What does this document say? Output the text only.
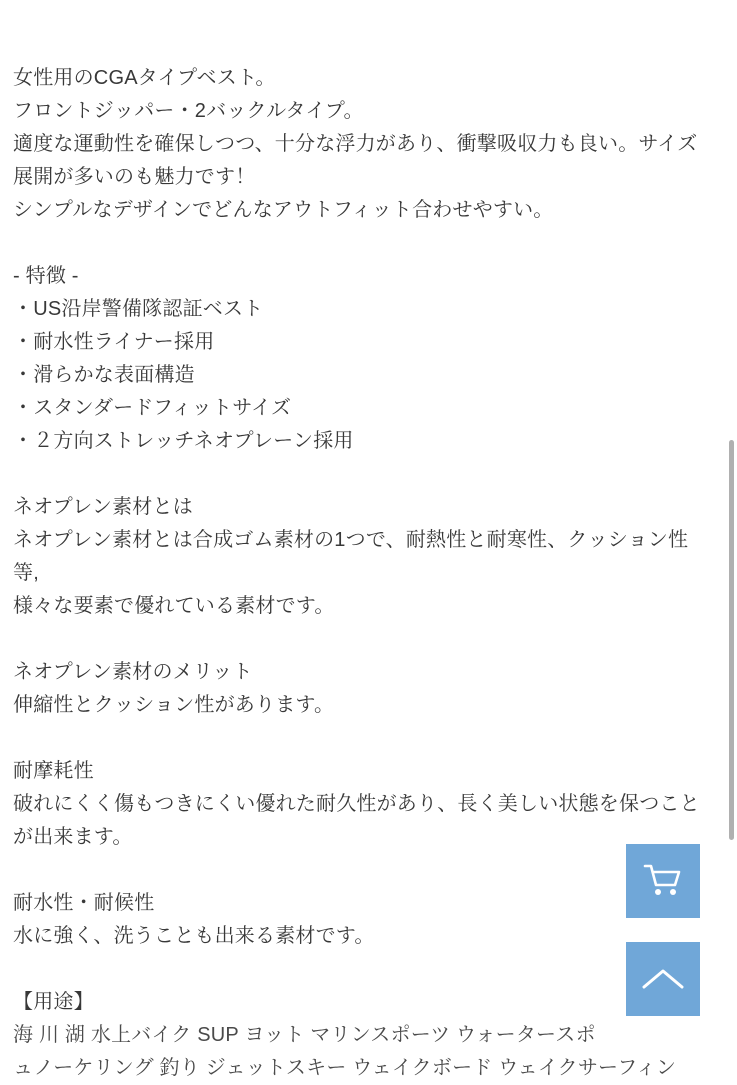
女性用のCGAタイプベスト。

フロントジッパー・2バックルタイプ。

適度な運動性を確保しつつ、十分な浮力があり、衝撃吸収力も良い。サイズ展開が多いのも魅力です！

シンプルなデザインでどんなアウトフィット合わせやすい。

- 特徴 -

・US沿岸警備隊認証ベスト

・耐水性ライナー採用

・滑らかな表面構造

・スタンダードフィットサイズ

・２方向ストレッチネオプレーン採用

ネオプレン素材とは

ネオプレン素材とは合成ゴム素材の1つで、耐熱性と耐寒性、クッション性等,

様々な要素で優れている素材です。

ネオプレン素材のメリット

伸縮性とクッション性があります。

耐摩耗性

破れにくく傷もつきにくい優れた耐久性があり、長く美しい状態を保つことが出来ます。

耐水性・耐候性

水に強く、洗うことも出来る素材です。

【用途】

海 川 湖 水上バイク SUP ヨット マリンスポーツ ウォータースポ

ュノーケリング 釣り ジェットスキー ウェイクボード ウェイクサーフィン
